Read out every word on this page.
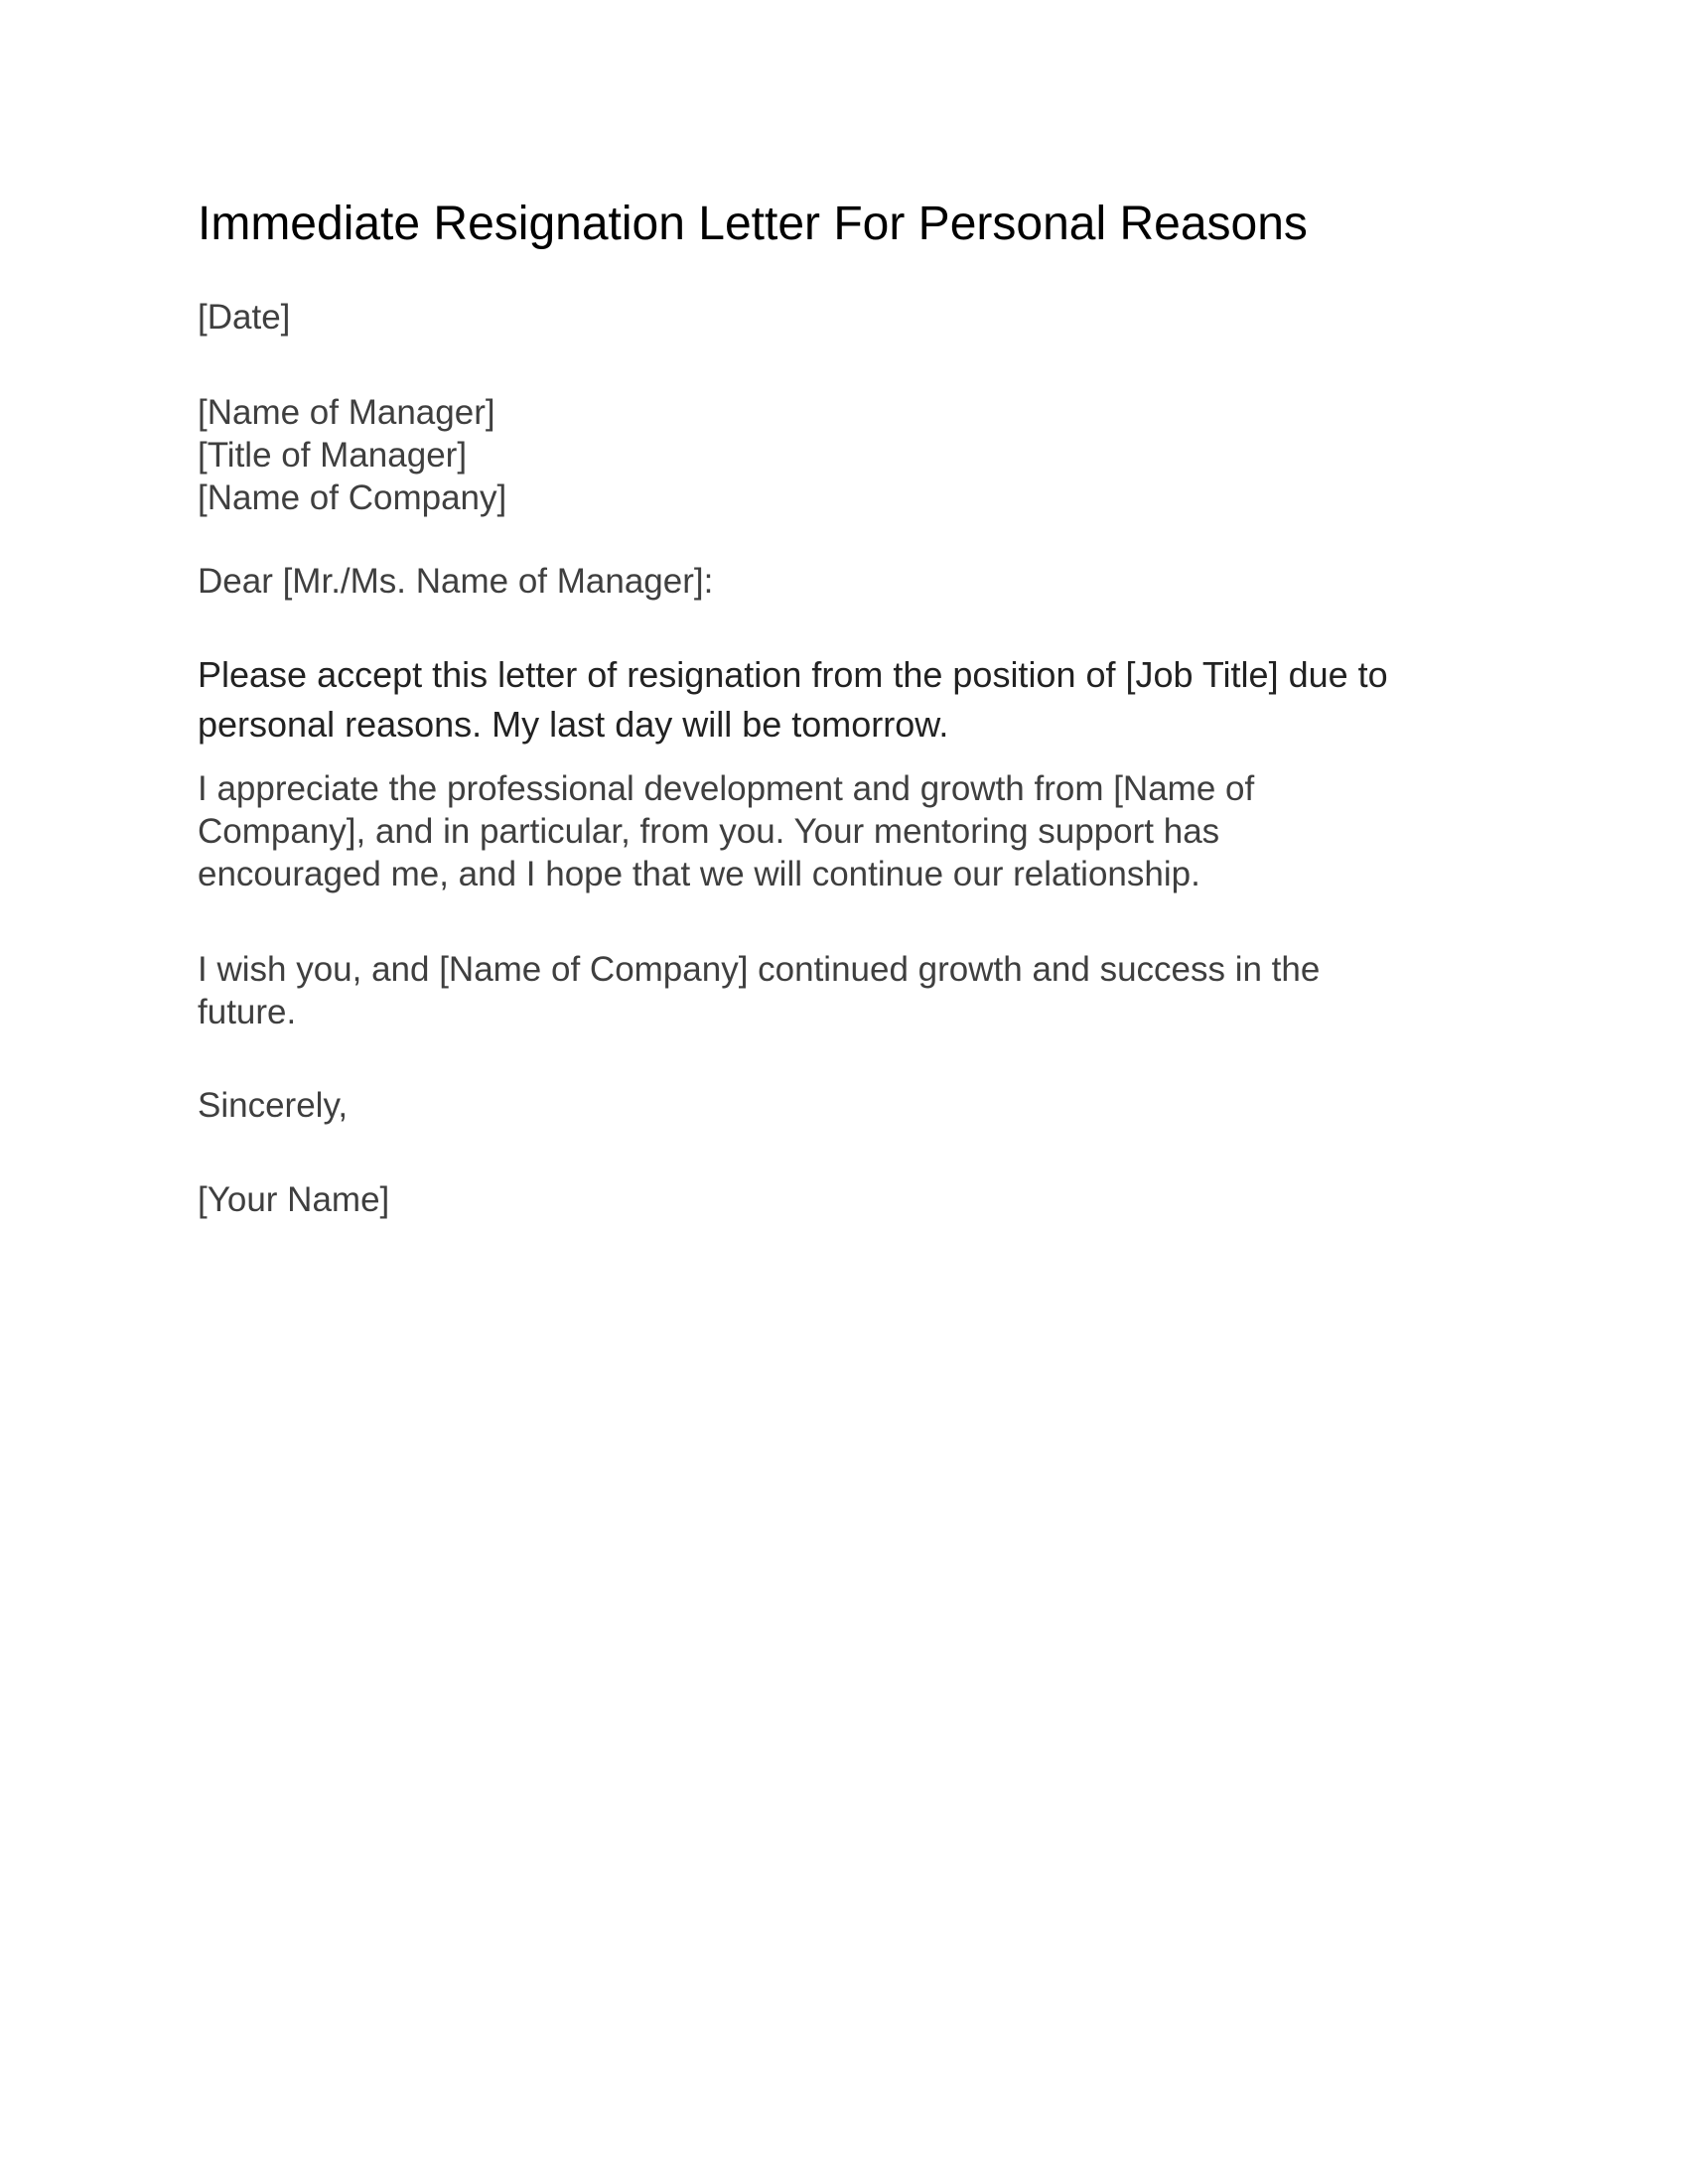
Immediate Resignation Letter For Personal Reasons
[Date]
[Name of Manager]
[Title of Manager]
[Name of Company]
Dear [Mr./Ms. Name of Manager]:
Please accept this letter of resignation from the position of [Job Title] due to
personal reasons. My last day will be tomorrow.
I appreciate the professional development and growth from [Name of
Company], and in particular, from you. Your mentoring support has
encouraged me, and I hope that we will continue our relationship.
I wish you, and [Name of Company] continued growth and success in the
future.
Sincerely,
[Your Name]
